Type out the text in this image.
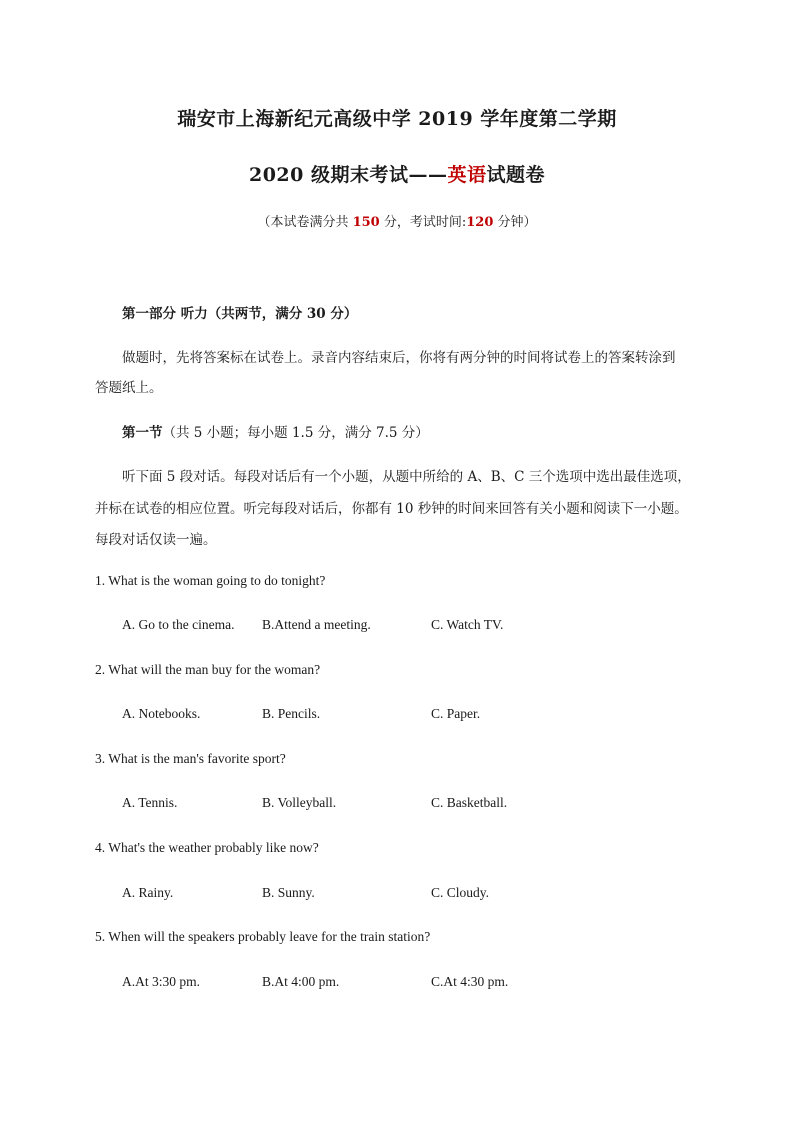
瑞安市上海新纪元高级中学 2019 学年度第二学期
2020 级期末考试——英语试题卷
（本试卷满分共 150 分，考试时间:120 分钟）
第一部分 听力（共两节，满分 30 分）
做题时，先将答案标在试卷上。录音内容结束后，你将有两分钟的时间将试卷上的答案转涂到
答题纸上。
第一节（共 5 小题；每小题 1.5 分，满分 7.5 分）
听下面 5 段对话。每段对话后有一个小题，从题中所给的 A、B、C 三个选项中选出最佳选项，
并标在试卷的相应位置。听完每段对话后，你都有 10 秒钟的时间来回答有关小题和阅读下一小题。
每段对话仅读一遍。
1. What is the woman going to do tonight?
A. Go to the cinema. B.Attend a meeting.	C. Watch TV.
2. What will the man buy for the woman?
A. Notebooks.	B. Pencils.	C. Paper.
3. What is the man's favorite sport?
A. Tennis.	B. Volleyball.	C. Basketball.
4. What's the weather probably like now?
A. Rainy.	B. Sunny.	C. Cloudy.
5. When will the speakers probably leave for the train station?
A.At 3:30 pm.	B.At 4:00 pm.	C.At 4:30 pm.
